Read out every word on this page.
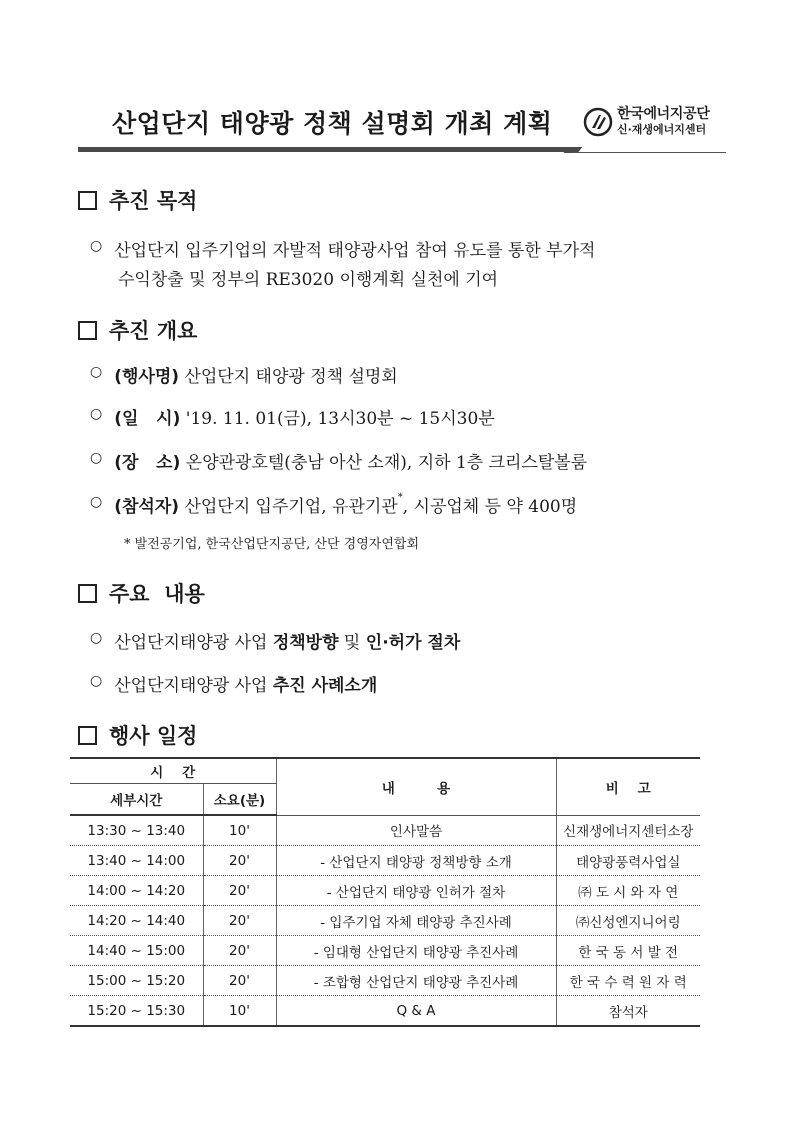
산업단지 태양광 정책 설명회 개최 계획	한국에너지공단
신·재생에너지센터
추진 목적
○ 산업단지 입주기업의 자발적 태양광사업 참여 유도를 통한 부가적
수익창출 및 정부의 RE3020 이행계획 실천에 기여
추진 개요
○ (행사명)
산업단지 태양광 정책 설명회
○ (일   시)
'19. 11. 01(금), 13시30분 ~ 15시30분
○ (장   소)
온양관광호텔(충남 아산 소재), 지하 1층 크리스탈볼룸
○ (참석자)
산업단지 입주기업, 유관기관* , 시공업체 등 약 400명
* 발전공기업, 한국산업단지공단, 산단 경영자연합회
주요  내용
○ 산업단지태양광 사업 정책방향 및 인·허가 절차
○ 산업단지태양광 사업 추진 사례소개
행사 일정
시    간		내         용	비    고
세부시간	소요(분)		
13:30 ~ 13:40	10'	인사말씀	신재생에너지센터소장
13:40 ~ 14:00	20'	- 산업단지 태양광 정책방향 소개	태양광풍력사업실
14:00 ~ 14:20	20'	- 산업단지 태양광 인허가 절차	㈜ 도 시 와 자 연
14:20 ~ 14:40	20'	- 입주기업 자체 태양광 추진사례	㈜신성엔지니어링
14:40 ~ 15:00	20'	- 임대형 산업단지 태양광 추진사례	한 국 동 서 발 전
15:00 ~ 15:20	20'	- 조합형 산업단지 태양광 추진사례	한 국 수 력 원 자 력
15:20 ~ 15:30	10'	Q & A	참석자
